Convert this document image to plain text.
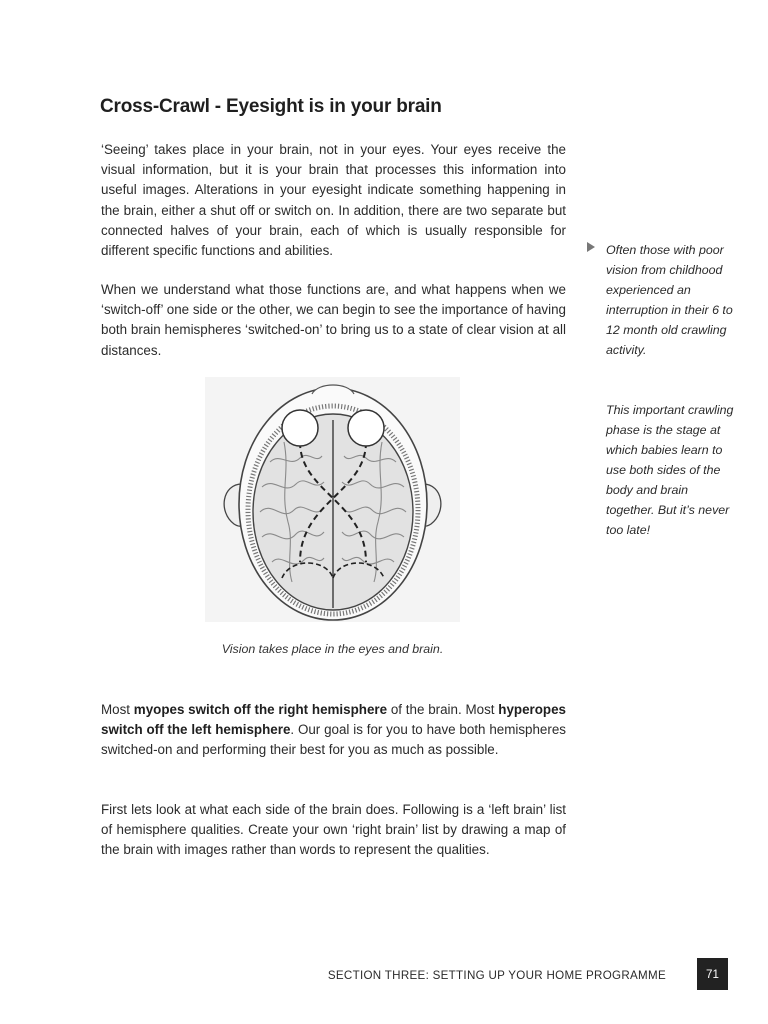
Cross-Crawl - Eyesight is in your brain

‘Seeing’ takes place in your brain, not in your eyes. Your eyes receive the visual information, but it is your brain that processes this information into useful images. Alterations in your eyesight indicate something happening in the brain, either a shut off or switch on. In addition, there are two separate but connected halves of your brain, each of which is usually responsible for different specific functions and abilities.

When we understand what those functions are, and what happens when we ‘switch-off’ one side or the other, we can begin to see the importance of having both brain hemispheres ‘switched-on’ to bring us to a state of clear vision at all distances.

Vision takes place in the eyes and brain.

Most myopes switch off the right hemisphere of the brain. Most hyperopes switch off the left hemisphere. Our goal is for you to have both hemispheres switched-on and performing their best for you as much as possible.

First lets look at what each side of the brain does. Following is a ‘left brain’ list of hemisphere qualities. Create your own ‘right brain’ list by drawing a map of the brain with images rather than words to represent the qualities.

Often those with poor vision from childhood experienced an interruption in their 6 to 12 month old crawling activity.

This important crawling phase is the stage at which babies learn to use both sides of the body and brain together. But it’s never too late!

SECTION THREE: SETTING UP YOUR HOME PROGRAMME	71
